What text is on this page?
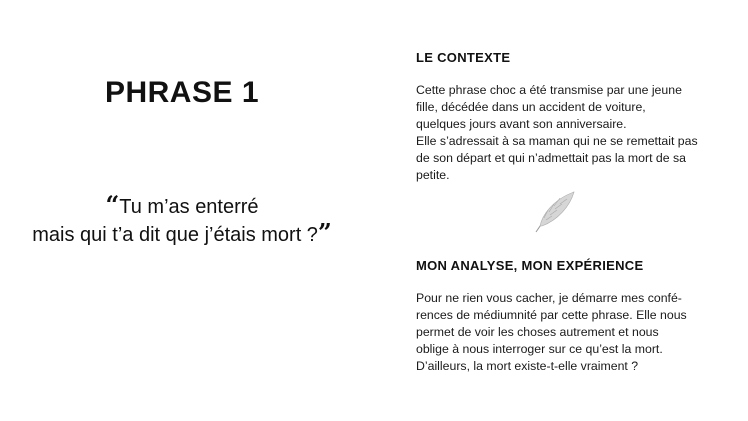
PHRASE 1
“Tu m’as enterré
mais qui t’a dit que j’étais mort ?”
LE CONTEXTE
Cette phrase choc a été transmise par une jeune
fille, décédée dans un accident de voiture,
quelques jours avant son anniversaire.
Elle s’adressait à sa maman qui ne se remettait pas
de son départ et qui n’admettait pas la mort de sa
petite.
MON ANALYSE, MON EXPÉRIENCE
Pour ne rien vous cacher, je démarre mes confé-
rences de médiumnité par cette phrase. Elle nous
permet de voir les choses autrement et nous
oblige à nous interroger sur ce qu’est la mort.
D’ailleurs, la mort existe-t-elle vraiment ?
